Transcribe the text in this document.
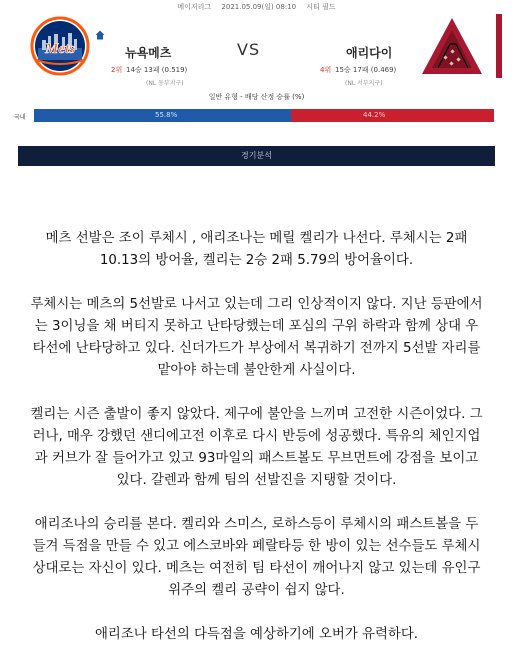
메이저리그 2021.05.09(일) 08:10 시티 필드
Mets	뉴욕메츠
2위 14승 13패 (0.519)
(NL 동부지구)
VS	애리다이
4위 15승 17패 (0.469)
(NL 서부지구)
일반 유형 - 배당 산정 승률 (%)
국내	55.8%	44.2%
경기분석
메츠 선발은 조이 루체시 , 애리조나는 메릴 켈리가 나선다. 루체시는 2패
10.13의 방어율, 켈리는 2승 2패 5.79의 방어율이다.
루체시는 메츠의 5선발로 나서고 있는데 그리 인상적이지 않다. 지난 등판에서
는 3이닝을 채 버티지 못하고 난타당했는데 포심의 구위 하락과 함께 상대 우
타선에 난타당하고 있다. 신더가드가 부상에서 복귀하기 전까지 5선발 자리를
맡아야 하는데 불안한게 사실이다.
켈리는 시즌 출발이 좋지 않았다. 제구에 불안을 느끼며 고전한 시즌이었다. 그
러나, 매우 강했던 샌디에고전 이후로 다시 반등에 성공했다. 특유의 체인지업
과 커브가 잘 들어가고 있고 93마일의 패스트볼도 무브먼트에 강점을 보이고
있다. 갈렌과 함께 팀의 선발진을 지탱할 것이다.
애리조나의 승리를 본다. 켈리와 스미스, 로하스등이 루체시의 패스트볼을 두
들겨 득점을 만들 수 있고 에스코바와 페랄타등 한 방이 있는 선수들도 루체시
상대로는 자신이 있다. 메츠는 여전히 팀 타선이 깨어나지 않고 있는데 유인구
위주의 켈리 공략이 쉽지 않다.
애리조나 타선의 다득점을 예상하기에 오버가 유력하다.
